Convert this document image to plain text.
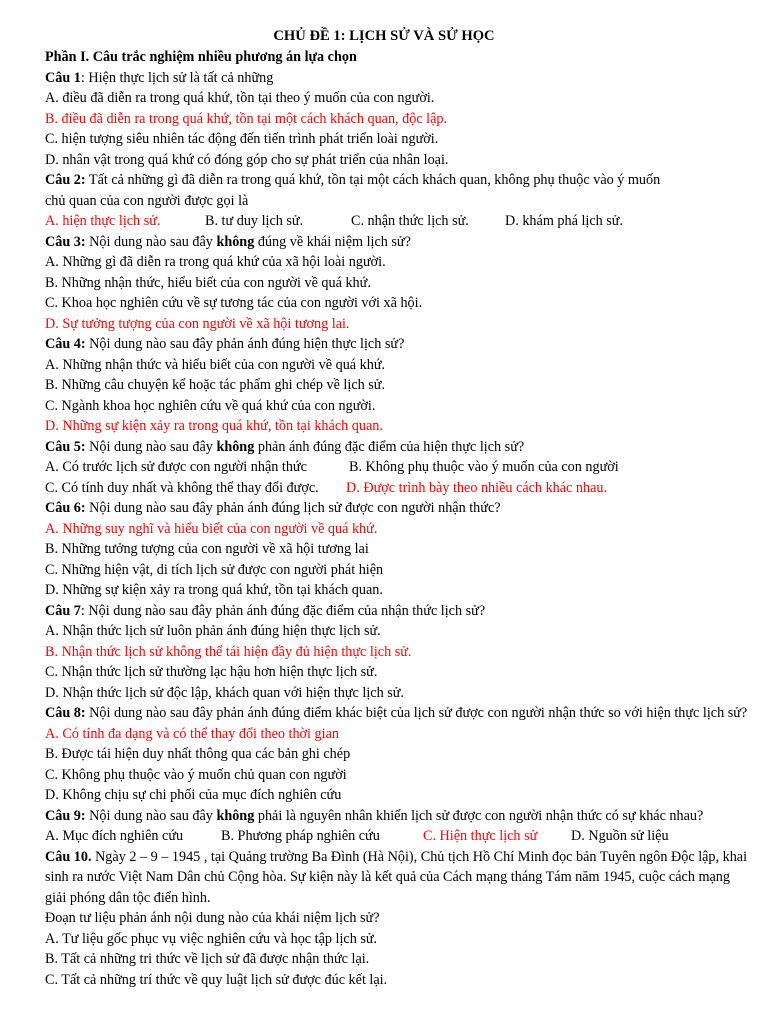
CHỦ ĐỀ 1: LỊCH SỬ VÀ SỬ HỌC
Phần I. Câu trắc nghiệm nhiều phương án lựa chọn
Câu 1: Hiện thực lịch sử là tất cả những
A. điều đã diễn ra trong quá khứ, tồn tại theo ý muốn của con người.
B. điều đã diễn ra trong quá khứ, tồn tại một cách khách quan, độc lập.
C. hiện tượng siêu nhiên tác động đến tiến trình phát triển loài người.
D. nhân vật trong quá khứ có đóng góp cho sự phát triển của nhân loại.
Câu 2: Tất cả những gì đã diễn ra trong quá khứ, tồn tại một cách khách quan, không phụ thuộc vào ý muốn
chủ quan của con người được gọi là
A. hiện thực lịch sử.	B. tư duy lịch sử.	C. nhận thức lịch sử.	D. khám phá lịch sử.
Câu 3: Nội dung nào sau đây không đúng về khái niệm lịch sử?
A. Những gì đã diễn ra trong quá khứ của xã hội loài người.
B. Những nhận thức, hiểu biết của con người về quá khứ.
C. Khoa học nghiên cứu về sự tương tác của con người với xã hội.
D. Sự tưởng tượng của con người về xã hội tương lai.
Câu 4: Nội dung nào sau đây phản ánh đúng hiện thực lịch sử?
A. Những nhận thức và hiểu biết của con người về quá khứ.
B. Những câu chuyện kể hoặc tác phẩm ghi chép về lịch sử.
C. Ngành khoa học nghiên cứu về quá khứ của con người.
D. Những sự kiện xảy ra trong quá khứ, tồn tại khách quan.
Câu 5: Nội dung nào sau đây không phản ánh đúng đặc điểm của hiện thực lịch sử?
A. Có trước lịch sử được con người nhận thức	B. Không phụ thuộc vào ý muốn của con người
C. Có tính duy nhất và không thể thay đổi được. D. Được trình bày theo nhiều cách khác nhau.
Câu 6: Nội dung nào sau đây phản ánh đúng lịch sử được con người nhận thức?
A. Những suy nghĩ và hiểu biết của con người về quá khứ.
B. Những tưởng tượng của con người về xã hội tương lai
C. Những hiện vật, di tích lịch sử được con người phát hiện
D. Những sự kiện xảy ra trong quá khứ, tồn tại khách quan.
Câu 7: Nội dung nào sau đây phản ánh đúng đặc điểm của nhận thức lịch sử?
A. Nhận thức lịch sử luôn phản ánh đúng hiện thực lịch sử.
B. Nhận thức lịch sử không thể tái hiện đầy đủ hiện thực lịch sử.
C. Nhận thức lịch sử thường lạc hậu hơn hiện thực lịch sử.
D. Nhận thức lịch sử độc lập, khách quan với hiện thực lịch sử.
Câu 8: Nội dung nào sau đây phản ánh đúng điểm khác biệt của lịch sử được con người nhận thức so với hiện thực lịch sử?
A. Có tính đa dạng và có thể thay đổi theo thời gian
B. Được tái hiện duy nhất thông qua các bản ghi chép
C. Không phụ thuộc vào ý muốn chủ quan con người
D. Không chịu sự chi phối của mục đích nghiên cứu
Câu 9: Nội dung nào sau đây không phải là nguyên nhân khiến lịch sử được con người nhận thức có sự khác nhau?
A. Mục đích nghiên cứu	B. Phương pháp nghiên cứu	C. Hiện thực lịch sử D. Nguồn sử liệu
Câu 10. Ngày 2 – 9 – 1945 , tại Quảng trường Ba Đình (Hà Nội), Chủ tịch Hồ Chí Minh đọc bản Tuyên ngôn Độc lập, khai sinh ra nước Việt Nam Dân chủ Cộng hòa. Sự kiện này là kết quả của Cách mạng tháng Tám năm 1945, cuộc cách mạng giải phóng dân tộc điển hình.
Đoạn tư liệu phản ánh nội dung nào của khái niệm lịch sử?
A. Tư liệu gốc phục vụ việc nghiên cứu và học tập lịch sử.
B. Tất cả những tri thức về lịch sử đã được nhận thức lại.
C. Tất cả những trí thức về quy luật lịch sử được đúc kết lại.
